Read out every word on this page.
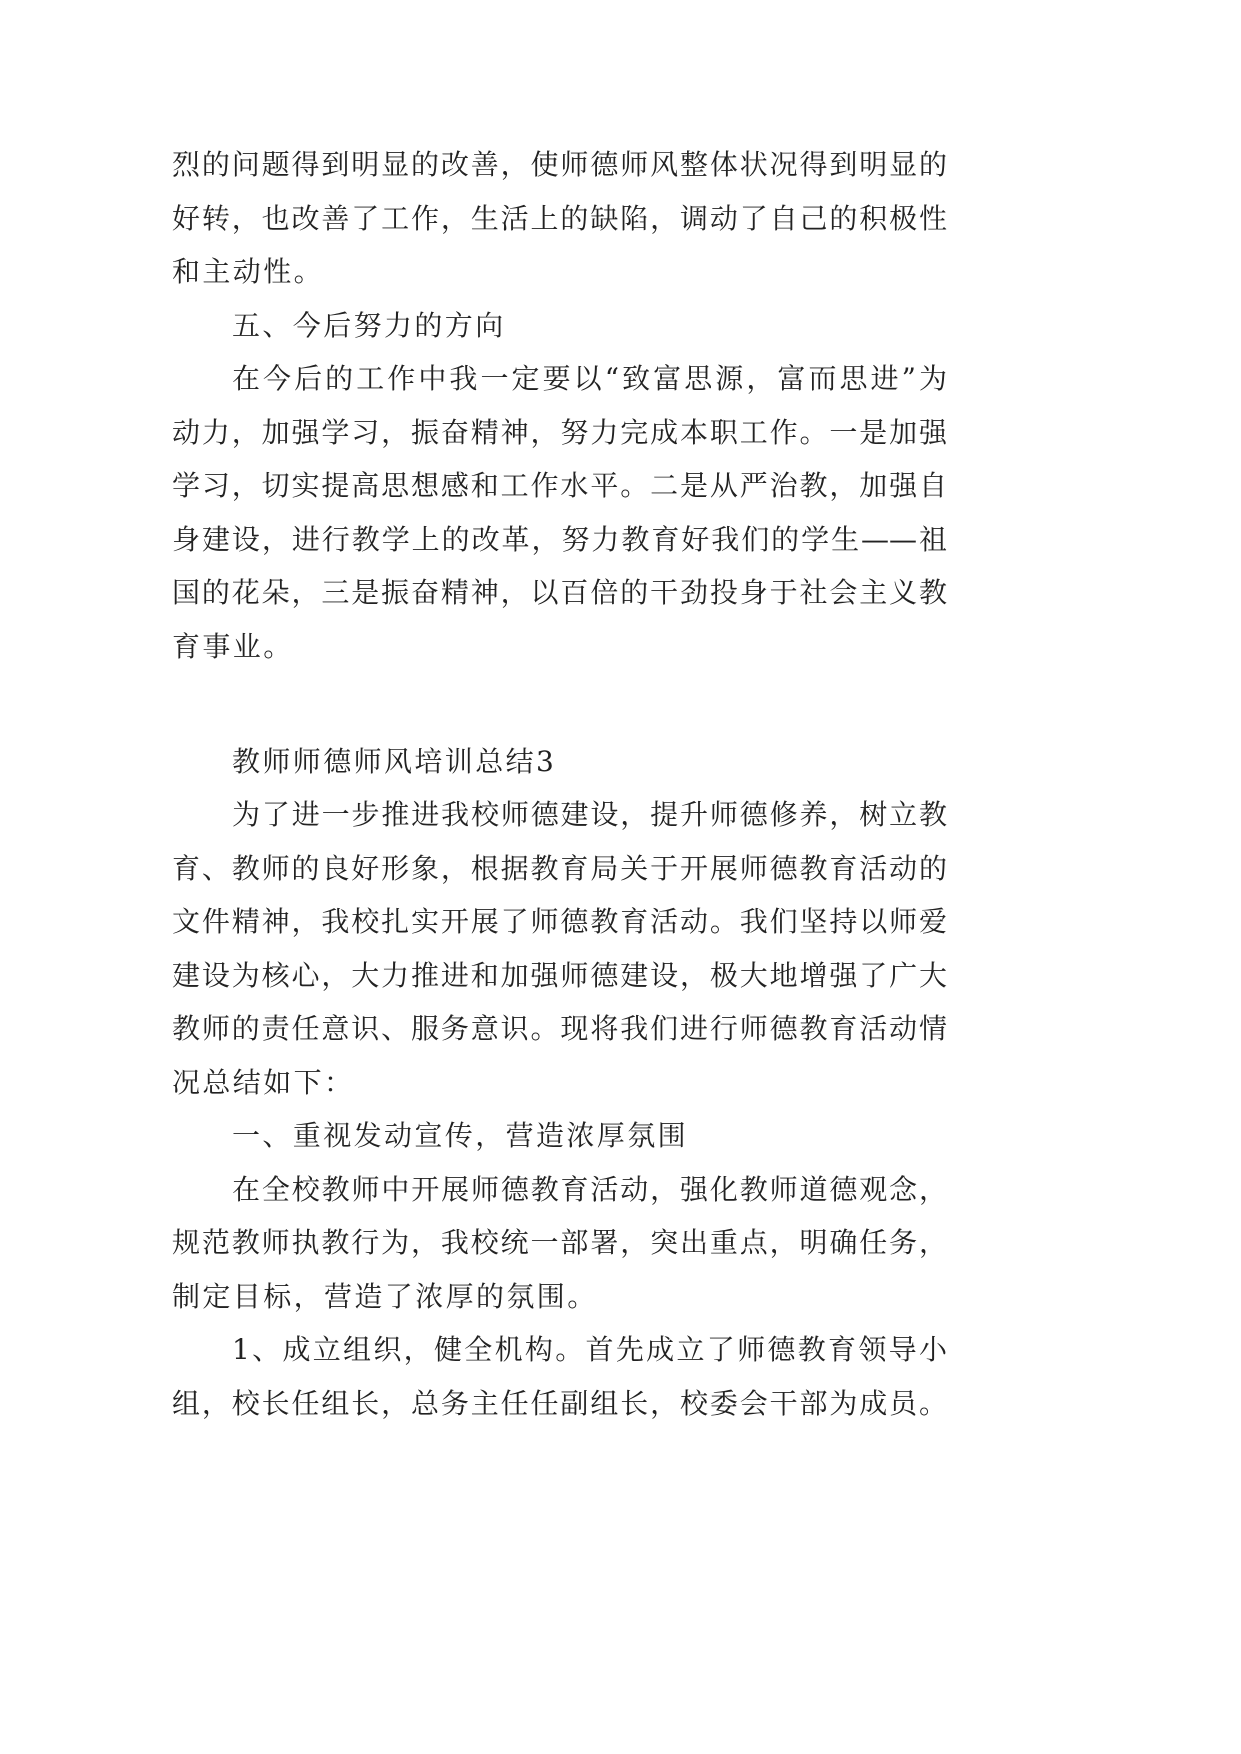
烈的问题得到明显的改善，使师德师风整体状况得到明显的
好转，也改善了工作，生活上的缺陷，调动了自己的积极性
和主动性。
五、今后努力的方向
在今后的工作中我一定要以“致富思源，富而思进”为
动力，加强学习，振奋精神，努力完成本职工作。一是加强
学习，切实提高思想感和工作水平。二是从严治教，加强自
身建设，进行教学上的改革，努力教育好我们的学生——祖
国的花朵，三是振奋精神，以百倍的干劲投身于社会主义教
育事业。
教师师德师风培训总结3
为了进一步推进我校师德建设，提升师德修养，树立教
育、教师的良好形象，根据教育局关于开展师德教育活动的
文件精神，我校扎实开展了师德教育活动。我们坚持以师爱
建设为核心，大力推进和加强师德建设，极大地增强了广大
教师的责任意识、服务意识。现将我们进行师德教育活动情
况总结如下：
一、重视发动宣传，营造浓厚氛围
在全校教师中开展师德教育活动，强化教师道德观念，
规范教师执教行为，我校统一部署，突出重点，明确任务，
制定目标，营造了浓厚的氛围。
1、成立组织，健全机构。首先成立了师德教育领导小
组，校长任组长，总务主任任副组长，校委会干部为成员。
